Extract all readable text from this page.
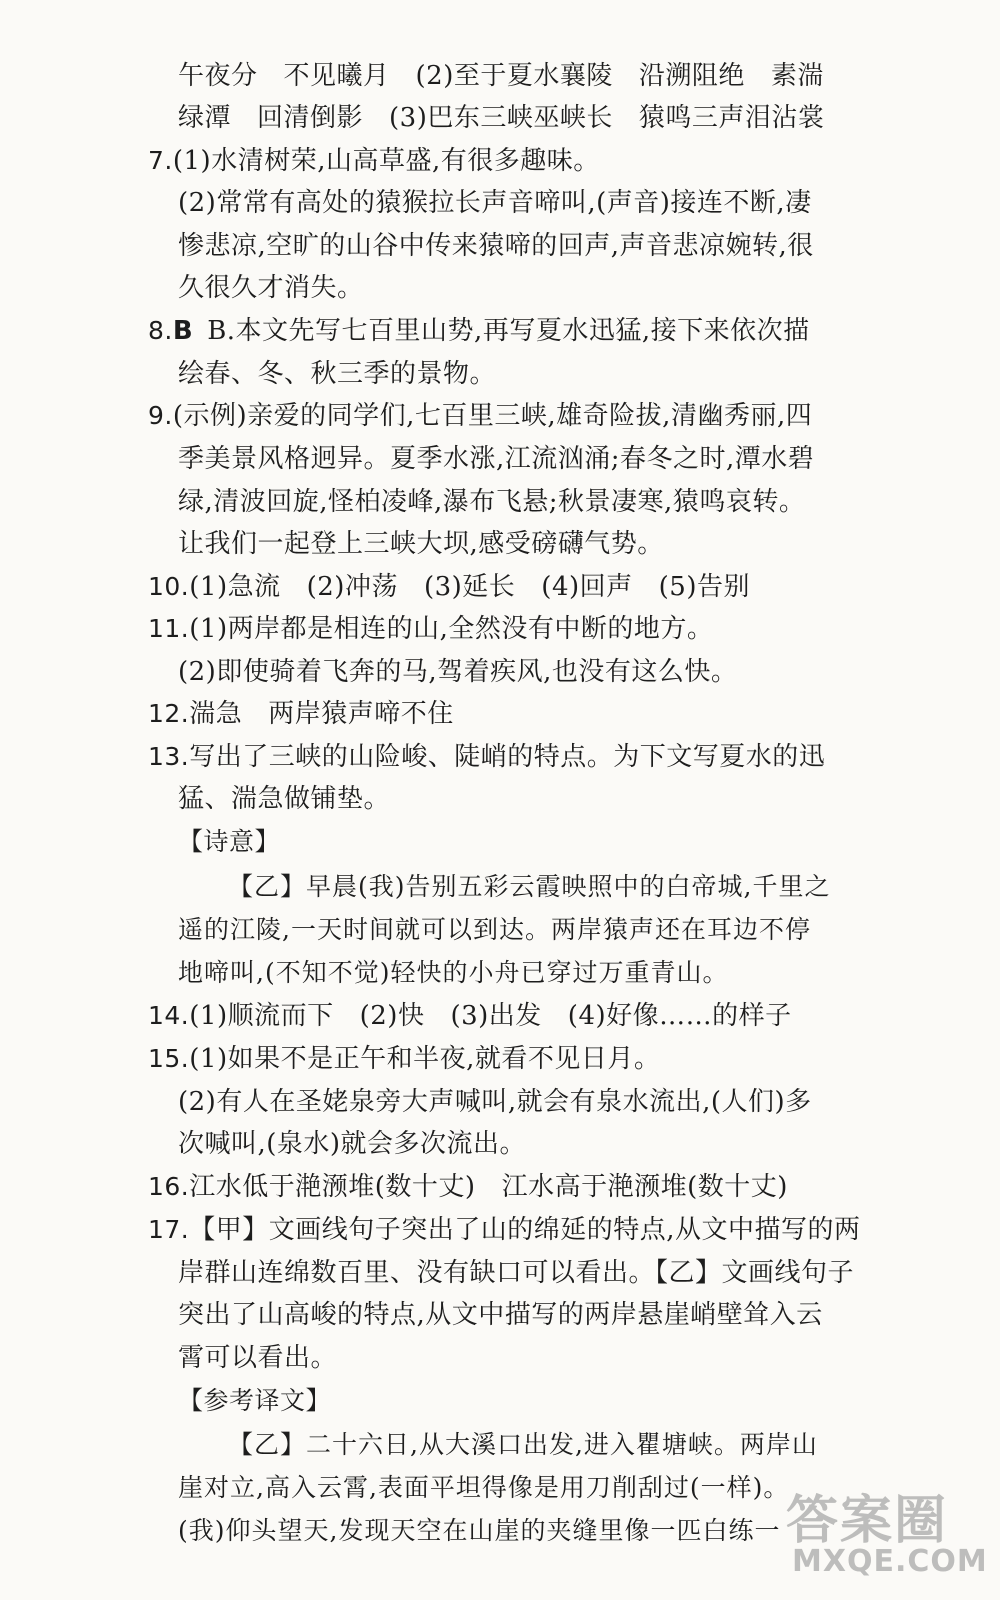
午夜分 不见曦月 (2)至于夏水襄陵 沿溯阻绝 素湍
绿潭 回清倒影 (3)巴东三峡巫峡长 猿鸣三声泪沾裳
7.(1)水清树荣,山高草盛,有很多趣味。
(2)常常有高处的猿猴拉长声音啼叫,(声音)接连不断,凄
惨悲凉,空旷的山谷中传来猿啼的回声,声音悲凉婉转,很
久很久才消失。
8.B B.本文先写七百里山势,再写夏水迅猛,接下来依次描
绘春、冬、秋三季的景物。
9.(示例)亲爱的同学们,七百里三峡,雄奇险拔,清幽秀丽,四
季美景风格迥异。夏季水涨,江流汹涌;春冬之时,潭水碧
绿,清波回旋,怪柏凌峰,瀑布飞悬;秋景凄寒,猿鸣哀转。
让我们一起登上三峡大坝,感受磅礴气势。
10.(1)急流 (2)冲荡 (3)延长 (4)回声 (5)告别
11.(1)两岸都是相连的山,全然没有中断的地方。
(2)即使骑着飞奔的马,驾着疾风,也没有这么快。
12.湍急 两岸猿声啼不住
13.写出了三峡的山险峻、陡峭的特点。为下文写夏水的迅
猛、湍急做铺垫。
【诗意】
【乙】早晨(我)告别五彩云霞映照中的白帝城,千里之
遥的江陵,一天时间就可以到达。两岸猿声还在耳边不停
地啼叫,(不知不觉)轻快的小舟已穿过万重青山。
14.(1)顺流而下 (2)快 (3)出发 (4)好像……的样子
15.(1)如果不是正午和半夜,就看不见日月。
(2)有人在圣姥泉旁大声喊叫,就会有泉水流出,(人们)多
次喊叫,(泉水)就会多次流出。
16.江水低于滟滪堆(数十丈) 江水高于滟滪堆(数十丈)
17.【甲】文画线句子突出了山的绵延的特点,从文中描写的两
岸群山连绵数百里、没有缺口可以看出。【乙】文画线句子
突出了山高峻的特点,从文中描写的两岸悬崖峭壁耸入云
霄可以看出。
【参考译文】
【乙】二十六日,从大溪口出发,进入瞿塘峡。两岸山
崖对立,高入云霄,表面平坦得像是用刀削刮过(一样)。
(我)仰头望天,发现天空在山崖的夹缝里像一匹白练一 答案圈
MXQE.COM
